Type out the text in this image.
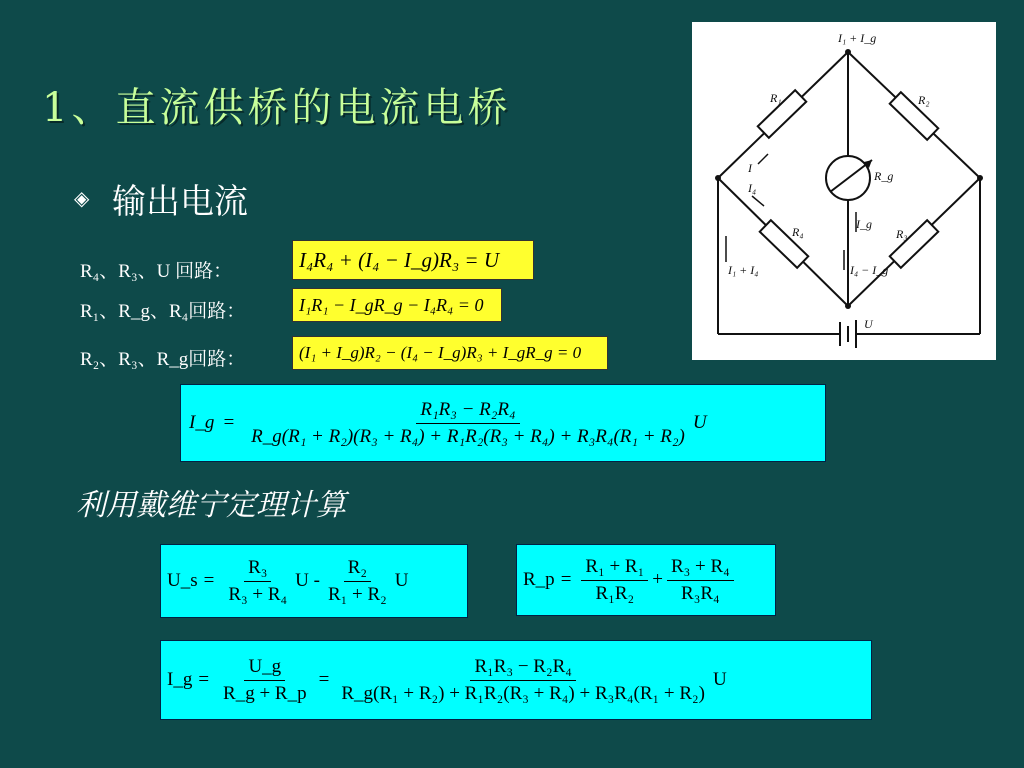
1、直流供桥的电流电桥
◈ 输出电流
R₄、R₃、U 回路：	I₄R₄ + (I₄ − I_g)R₃ = U
R₁、R_g、R₄回路：	I₁R₁ − I_gR_g − I₄R₄ = 0
R₂、R₃、R_g回路：	(I₁ + I_g)R₂ − (I₄ − I_g)R₃ + I_gR_g = 0
I_g = $\frac{\text{R₁R₃ − R₂R₄}}{\text{R\_g(R₁ + R₂)(R₃ + R₄) + R₁R₂(R₃ + R₄) + R₃R₄(R₁ + R₂)}}$ U
利用戴维宁定理计算
U_s = $\frac{\text{R₃}}{\text{R₃ + R₄}}$ U - $\frac{\text{R₂}}{\text{R₁ + R₂}}$ U	R_p = $\frac{\text{R₁ + R₁}}{\text{R₁R₂}} + \frac{\text{R₃ + R₄}}{\text{R₃R₄}}$
I_g = $\frac{U\_g}{R\_g + R\_p} = \frac{\text{R₁R₃ − R₂R₄}}{\text{R\_g(R₁ + R₂) + R₁R₂(R₃ + R₄) + R₃R₄(R₁ + R₂)}}$ U
I₁ + I_g
R₁	R₂
R_g
R₃
R₄
I
I₄
I_g
I₁ + I₄	I₄ − I_g
U
